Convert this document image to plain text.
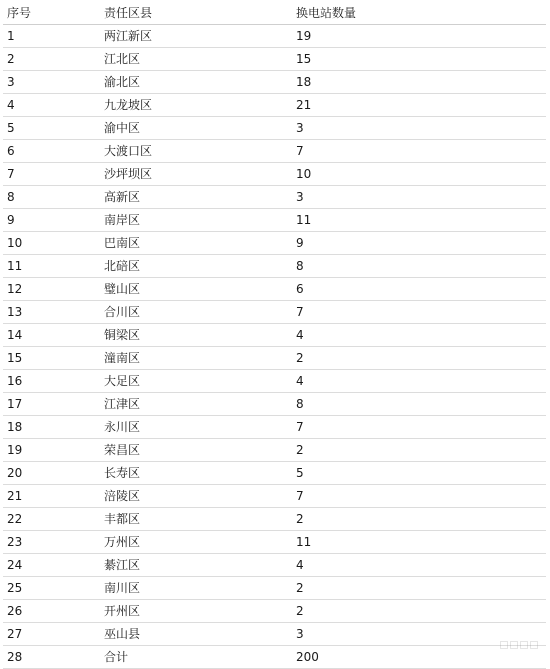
序号	责任区县	换电站数量
1	两江新区	19
2	江北区	15
3	渝北区	18
4	九龙坡区	21
5	渝中区	3
6	大渡口区	7
7	沙坪坝区	10
8	高新区	3
9	南岸区	11
10	巴南区	9
11	北碚区	8
12	璧山区	6
13	合川区	7
14	铜梁区	4
15	潼南区	2
16	大足区	4
17	江津区	8
18	永川区	7
19	荣昌区	2
20	长寿区	5
21	涪陵区	7
22	丰都区	2
23	万州区	11
24	綦江区	4
25	南川区	2
26	开州区	2
27	巫山县	3
28	合计	200
